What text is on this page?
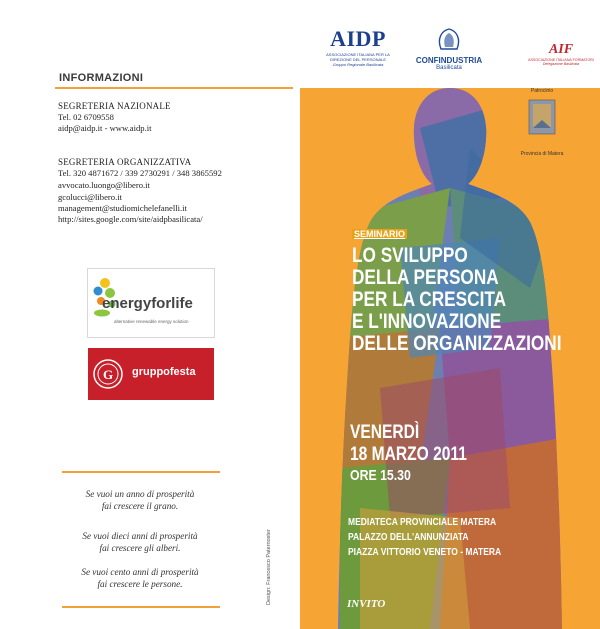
INFORMAZIONI
SEGRETERIA NAZIONALE
Tel. 02 6709558
aidp@aidp.it - www.aidp.it
SEGRETERIA ORGANIZZATIVA
Tel. 320 4871672 / 339 2730291 / 348 3865592
avvocato.luongo@libero.it
gcolucci@libero.it
management@studiomichelefanelli.it
http://sites.google.com/site/aidpbasilicata/
energyforlife
alternative renewable energy solution
G gruppofesta
Se vuoi un anno di prosperità
fai crescere il grano.
Se vuoi dieci anni di prosperità
fai crescere gli alberi.
Se vuoi cento anni di prosperità
fai crescere le persone.	Design: Francesco Paternoster
AIDP
ASSOCIAZIONE ITALIANA PER LA DIREZIONE DEL PERSONALE
Gruppo Regionale Basilicata	CONFINDUSTRIA
Basilicata
AIF
ASSOCIAZIONE ITALIANA FORMATORI
Delegazione Basilicata
Patrocinio
Provincia di Matera
SEMINARIO
LO SVILUPPO
DELLA PERSONA
PER LA CRESCITA
E L'INNOVAZIONE
DELLE ORGANIZZAZIONI
VENERDÌ
18 MARZO 2011
ORE 15.30
MEDIATECA PROVINCIALE MATERA
PALAZZO DELL'ANNUNZIATA
PIAZZA VITTORIO VENETO - MATERA
INVITO
